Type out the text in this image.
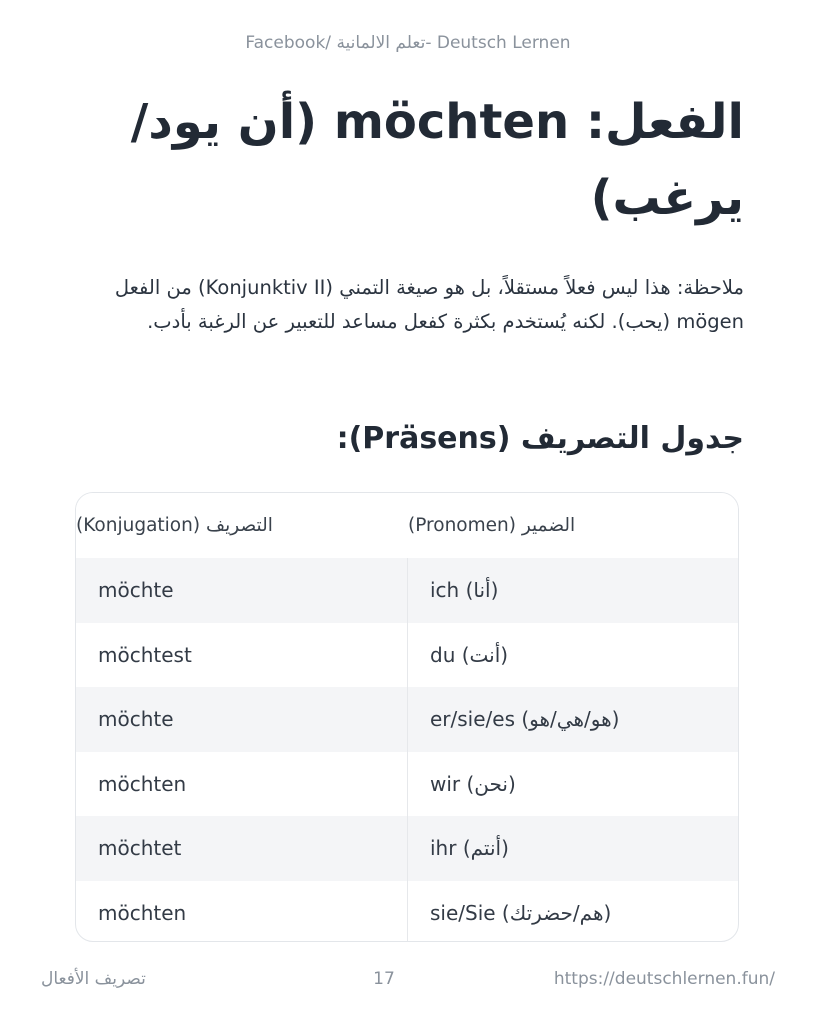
Facebook/ تعلم الالمانية- Deutsch Lernen
الفعل: möchten (أن يود/ يرغب)

ملاحظة: هذا ليس فعلاً مستقلاً، بل هو صيغة التمني (Konjunktiv II) من الفعل mögen (يحب). لكنه يُستخدم بكثرة كفعل مساعد للتعبير عن الرغبة بأدب.

جدول التصريف (Präsens):
التصريف (Konjugation)	الضمير (Pronomen)
möchte	ich (أنا)
möchtest	du (أنت)
möchte	er/sie/es (هو/هي/هو)
möchten	wir (نحن)
möchtet	ihr (أنتم)
möchten	sie/Sie (هم/حضرتك)
تصريف الأفعال	17	https://deutschlernen.fun/
